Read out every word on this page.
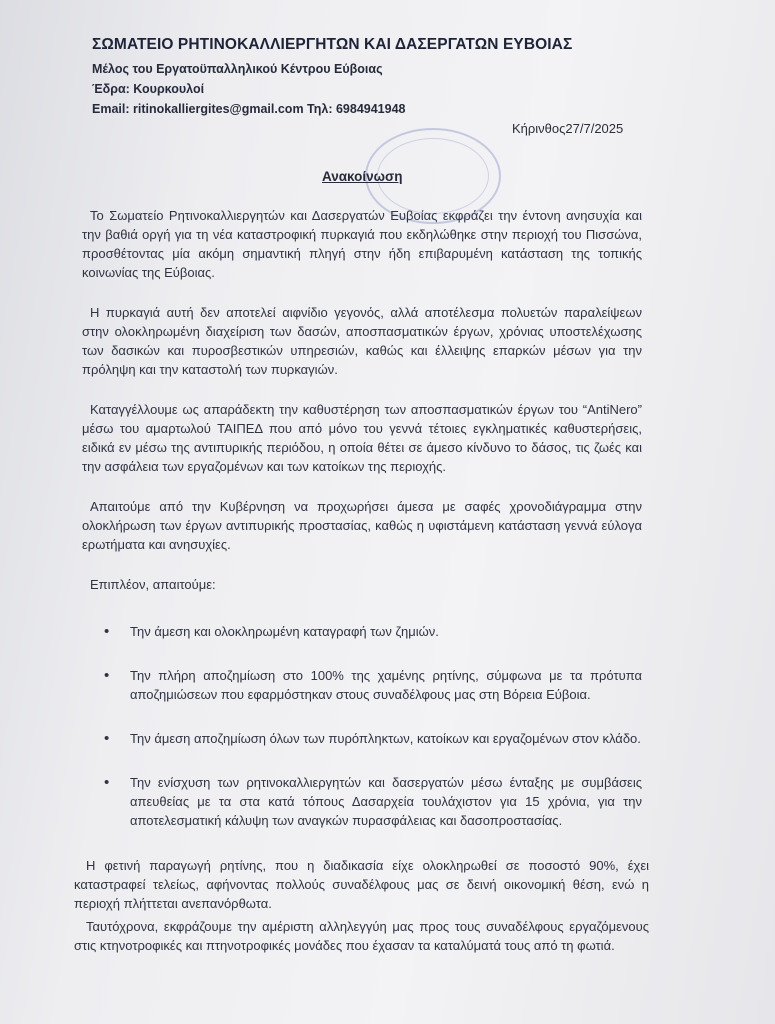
ΣΩΜΑΤΕΙΟ ΡΗΤΙΝΟΚΑΛΛΙΕΡΓΗΤΩΝ ΚΑΙ ΔΑΣΕΡΓΑΤΩΝ ΕΥΒΟΙΑΣ
Μέλος του Εργατοϋπαλληλικού Κέντρου Εύβοιας
Έδρα: Κουρκουλοί
Email: ritinokalliergites@gmail.com Τηλ: 6984941948
Κήρινθος27/7/2025
Ανακοίνωση

Το Σωματείο Ρητινοκαλλιεργητών και Δασεργατών Ευβοίας εκφράζει την έντονη ανησυχία και την βαθιά οργή για τη νέα καταστροφική πυρκαγιά που εκδηλώθηκε στην περιοχή του Πισσώνα, προσθέτοντας μία ακόμη σημαντική πληγή στην ήδη επιβαρυμένη κατάσταση της τοπικής κοινωνίας της Εύβοιας.

Η πυρκαγιά αυτή δεν αποτελεί αιφνίδιο γεγονός, αλλά αποτέλεσμα πολυετών παραλείψεων στην ολοκληρωμένη διαχείριση των δασών, αποσπασματικών έργων, χρόνιας υποστελέχωσης των δασικών και πυροσβεστικών υπηρεσιών, καθώς και έλλειψης επαρκών μέσων για την πρόληψη και την καταστολή των πυρκαγιών.

Καταγγέλλουμε ως απαράδεκτη την καθυστέρηση των αποσπασματικών έργων του “AntiNero” μέσω του αμαρτωλού ΤΑΙΠΕΔ που από μόνο του γεννά τέτοιες εγκληματικές καθυστερήσεις, ειδικά εν μέσω της αντιπυρικής περιόδου, η οποία θέτει σε άμεσο κίνδυνο το δάσος, τις ζωές και την ασφάλεια των εργαζομένων και των κατοίκων της περιοχής.

Απαιτούμε από την Κυβέρνηση να προχωρήσει άμεσα με σαφές χρονοδιάγραμμα στην ολοκλήρωση των έργων αντιπυρικής προστασίας, καθώς η υφιστάμενη κατάσταση γεννά εύλογα ερωτήματα και ανησυχίες.

Επιπλέον, απαιτούμε:

• Την άμεση και ολοκληρωμένη καταγραφή των ζημιών.
• Την πλήρη αποζημίωση στο 100% της χαμένης ρητίνης, σύμφωνα με τα πρότυπα αποζημιώσεων που εφαρμόστηκαν στους συναδέλφους μας στη Βόρεια Εύβοια.
• Την άμεση αποζημίωση όλων των πυρόπληκτων, κατοίκων και εργαζομένων στον κλάδο.
• Την ενίσχυση των ρητινοκαλλιεργητών και δασεργατών μέσω ένταξης με συμβάσεις απευθείας με τα στα κατά τόπους Δασαρχεία τουλάχιστον για 15 χρόνια, για την αποτελεσματική κάλυψη των αναγκών πυρασφάλειας και δασοπροστασίας.

Η φετινή παραγωγή ρητίνης, που η διαδικασία είχε ολοκληρωθεί σε ποσοστό 90%, έχει καταστραφεί τελείως, αφήνοντας πολλούς συναδέλφους μας σε δεινή οικονομική θέση, ενώ η περιοχή πλήττεται ανεπανόρθωτα.

Ταυτόχρονα, εκφράζουμε την αμέριστη αλληλεγγύη μας προς τους συναδέλφους εργαζόμενους στις κτηνοτροφικές και πτηνοτροφικές μονάδες που έχασαν τα καταλύματά τους από τη φωτιά.
